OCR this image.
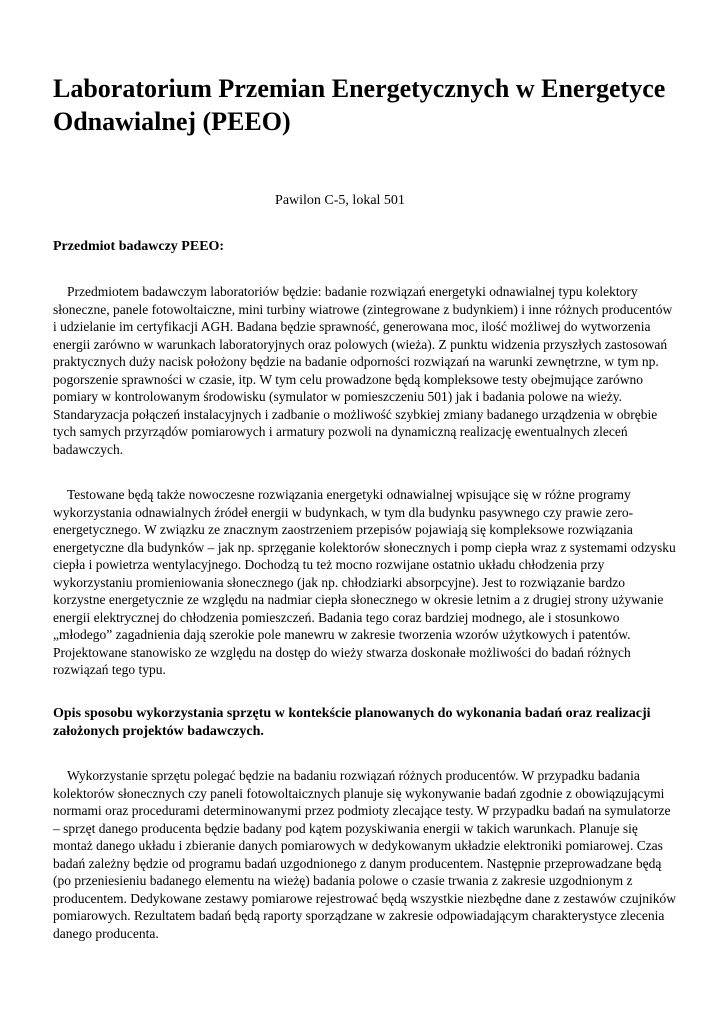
Laboratorium Przemian Energetycznych w Energetyce Odnawialnej (PEEO)

Pawilon C-5, lokal 501

Przedmiot badawczy PEEO:

Przedmiotem badawczym laboratoriów będzie: badanie rozwiązań energetyki odnawialnej typu kolektory słoneczne, panele fotowoltaiczne, mini turbiny wiatrowe (zintegrowane z budynkiem) i inne różnych producentów i udzielanie im certyfikacji AGH. Badana będzie sprawność, generowana moc, ilość możliwej do wytworzenia energii zarówno w warunkach laboratoryjnych oraz polowych (wieża). Z punktu widzenia przyszłych zastosowań praktycznych duży nacisk położony będzie na badanie odporności rozwiązań na warunki zewnętrzne, w tym np. pogorszenie sprawności w czasie, itp. W tym celu prowadzone będą kompleksowe testy obejmujące zarówno pomiary w kontrolowanym środowisku (symulator w pomieszczeniu 501) jak i badania polowe na wieży. Standaryzacja połączeń instalacyjnych i zadbanie o możliwość szybkiej zmiany badanego urządzenia w obrębie tych samych przyrządów pomiarowych i armatury pozwoli na dynamiczną realizację ewentualnych zleceń badawczych.

Testowane będą także nowoczesne rozwiązania energetyki odnawialnej wpisujące się w różne programy wykorzystania odnawialnych źródeł energii w budynkach, w tym dla budynku pasywnego czy prawie zero-energetycznego. W związku ze znacznym zaostrzeniem przepisów pojawiają się kompleksowe rozwiązania energetyczne dla budynków – jak np. sprzęganie kolektorów słonecznych i pomp ciepła wraz z systemami odzysku ciepła i powietrza wentylacyjnego. Dochodzą tu też mocno rozwijane ostatnio układu chłodzenia przy wykorzystaniu promieniowania słonecznego (jak np. chłodziarki absorpcyjne). Jest to rozwiązanie bardzo korzystne energetycznie ze względu na nadmiar ciepła słonecznego w okresie letnim a z drugiej strony używanie energii elektrycznej do chłodzenia pomieszczeń. Badania tego coraz bardziej modnego, ale i stosunkowo „młodego” zagadnienia dają szerokie pole manewru w zakresie tworzenia wzorów użytkowych i patentów. Projektowane stanowisko ze względu na dostęp do wieży stwarza doskonałe możliwości do badań różnych rozwiązań tego typu.

Opis sposobu wykorzystania sprzętu w kontekście planowanych do wykonania badań oraz realizacji założonych projektów badawczych.

Wykorzystanie sprzętu polegać będzie na badaniu rozwiązań różnych producentów. W przypadku badania kolektorów słonecznych czy paneli fotowoltaicznych planuje się wykonywanie badań zgodnie z obowiązującymi normami oraz procedurami determinowanymi przez podmioty zlecające testy. W przypadku badań na symulatorze – sprzęt danego producenta będzie badany pod kątem pozyskiwania energii w takich warunkach. Planuje się montaż danego układu i zbieranie danych pomiarowych w dedykowanym układzie elektroniki pomiarowej. Czas badań zależny będzie od programu badań uzgodnionego z danym producentem. Następnie przeprowadzane będą (po przeniesieniu badanego elementu na wieżę) badania polowe o czasie trwania z zakresie uzgodnionym z producentem. Dedykowane zestawy pomiarowe rejestrować będą wszystkie niezbędne dane z zestawów czujników pomiarowych. Rezultatem badań będą raporty sporządzane w zakresie odpowiadającym charakterystyce zlecenia danego producenta.
